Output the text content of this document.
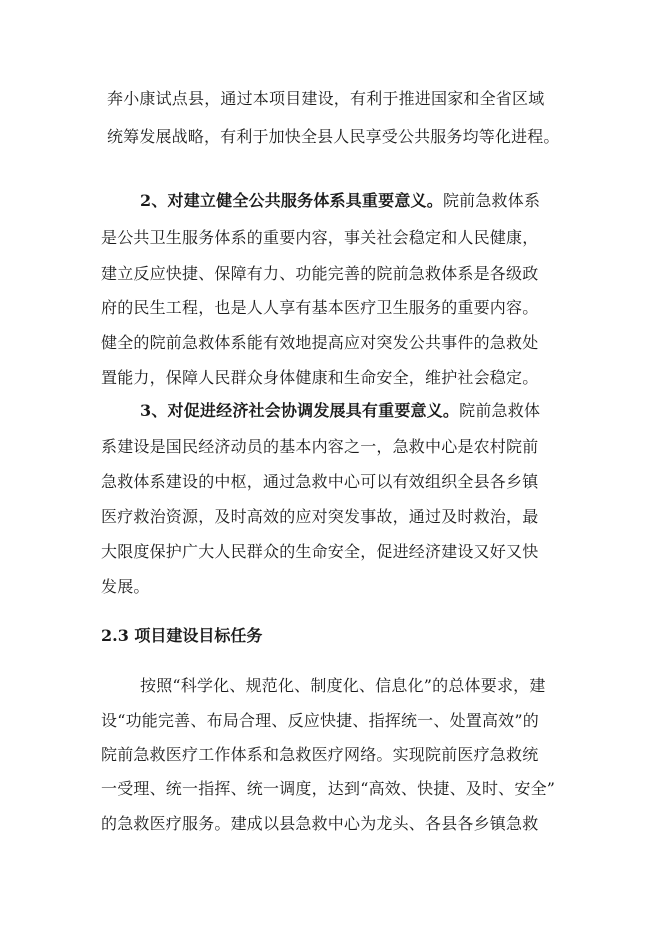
奔小康试点县，通过本项目建设，有利于推进国家和全省区域
统筹发展战略，有利于加快全县人民享受公共服务均等化进程。
2、对建立健全公共服务体系具重要意义。院前急救体系
是公共卫生服务体系的重要内容，事关社会稳定和人民健康，
建立反应快捷、保障有力、功能完善的院前急救体系是各级政
府的民生工程，也是人人享有基本医疗卫生服务的重要内容。
健全的院前急救体系能有效地提高应对突发公共事件的急救处
置能力，保障人民群众身体健康和生命安全，维护社会稳定。
3、对促进经济社会协调发展具有重要意义。院前急救体
系建设是国民经济动员的基本内容之一，急救中心是农村院前
急救体系建设的中枢，通过急救中心可以有效组织全县各乡镇
医疗救治资源，及时高效的应对突发事故，通过及时救治，最
大限度保护广大人民群众的生命安全，促进经济建设又好又快
发展。
2.3 项目建设目标任务
按照“科学化、规范化、制度化、信息化”的总体要求，建
设“功能完善、布局合理、反应快捷、指挥统一、处置高效”的
院前急救医疗工作体系和急救医疗网络。实现院前医疗急救统
一受理、统一指挥、统一调度，达到“高效、快捷、及时、安全”
的急救医疗服务。建成以县急救中心为龙头、各县各乡镇急救
